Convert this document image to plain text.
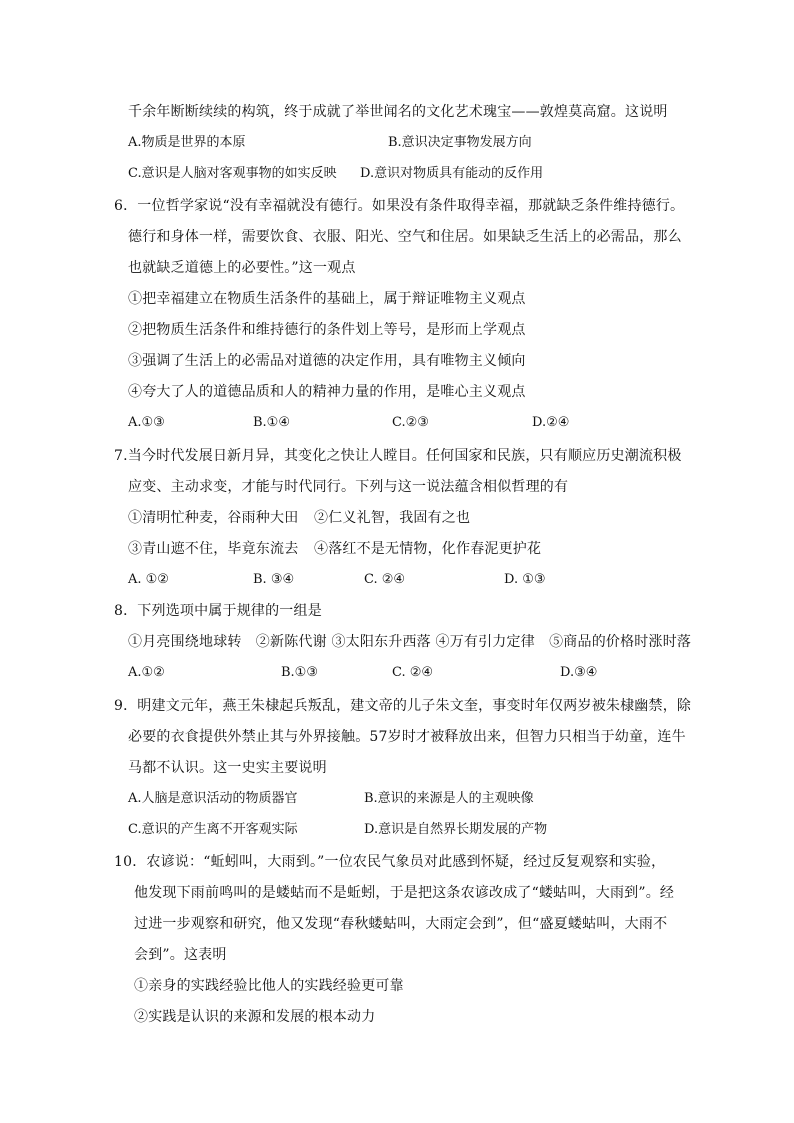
千余年断断续续的构筑，终于成就了举世闻名的文化艺术瑰宝——敦煌莫高窟。这说明
A.物质是世界的本原	B.意识决定事物发展方向
C.意识是人脑对客观事物的如实反映 D.意识对物质具有能动的反作用
6．一位哲学家说“没有幸福就没有德行。如果没有条件取得幸福，那就缺乏条件维持德行。
德行和身体一样，需要饮食、衣服、阳光、空气和住居。如果缺乏生活上的必需品，那么
也就缺乏道德上的必要性。”这一观点
①把幸福建立在物质生活条件的基础上，属于辩证唯物主义观点
②把物质生活条件和维持德行的条件划上等号，是形而上学观点
③强调了生活上的必需品对道德的决定作用，具有唯物主义倾向
④夸大了人的道德品质和人的精神力量的作用，是唯心主义观点
A.①③	B.①④	C.②③	D.②④
7.当今时代发展日新月异，其变化之快让人瞠目。任何国家和民族，只有顺应历史潮流积极
应变、主动求变，才能与时代同行。下列与这一说法蕴含相似哲理的有
①清明忙种麦，谷雨种大田 ②仁义礼智，我固有之也
③青山遮不住，毕竟东流去 ④落红不是无情物，化作春泥更护花
A. ①②	B. ③④	C. ②④	D. ①③
8．下列选项中属于规律的一组是
①月亮围绕地球转　②新陈代谢 ③太阳东升西落 ④万有引力定律　⑤商品的价格时涨时落
A.①②	B.①③	C. ②④	D.③④
9．明建文元年，燕王朱棣起兵叛乱，建文帝的儿子朱文奎，事变时年仅两岁被朱棣幽禁，除
必要的衣食提供外禁止其与外界接触。57岁时才被释放出来，但智力只相当于幼童，连牛
马都不认识。这一史实主要说明
A.人脑是意识活动的物质器官	B.意识的来源是人的主观映像
C.意识的产生离不开客观实际	D.意识是自然界长期发展的产物
10．农谚说：“蚯蚓叫，大雨到。”一位农民气象员对此感到怀疑，经过反复观察和实验，
他发现下雨前鸣叫的是蝼蛄而不是蚯蚓，于是把这条农谚改成了“蝼蛄叫，大雨到”。经
过进一步观察和研究，他又发现“春秋蝼蛄叫，大雨定会到”，但“盛夏蝼蛄叫，大雨不
会到”。这表明
①亲身的实践经验比他人的实践经验更可靠
②实践是认识的来源和发展的根本动力
